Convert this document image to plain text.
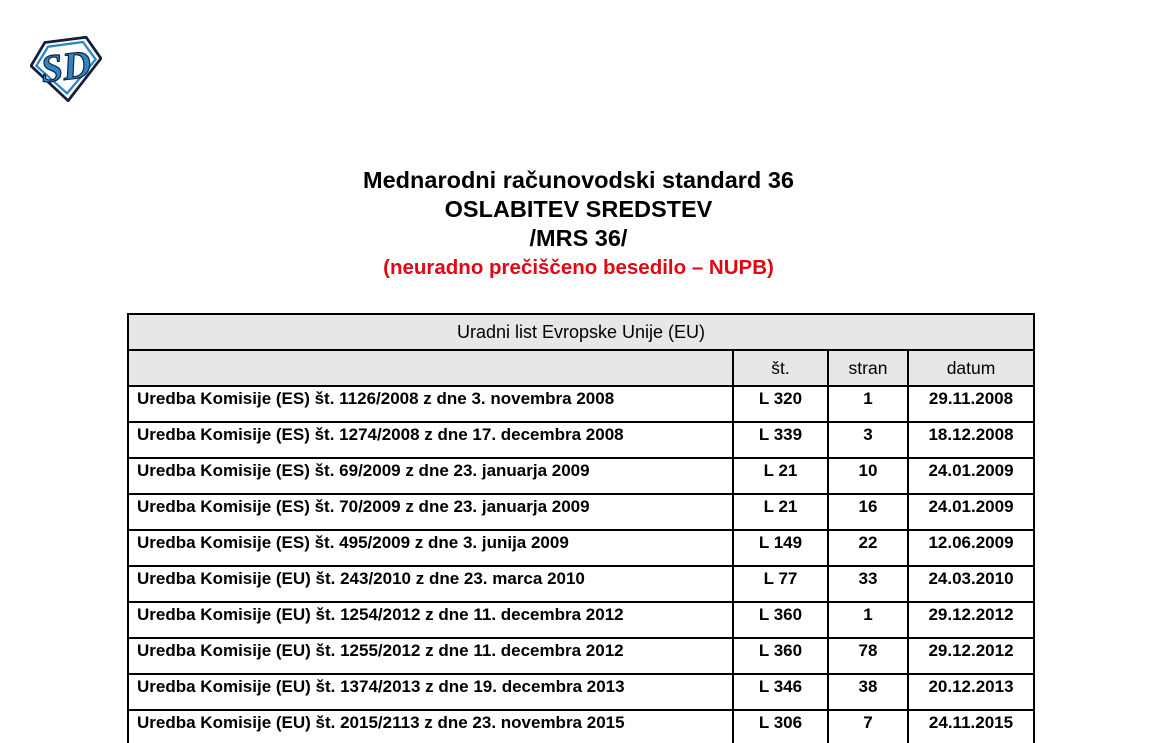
SD
Mednarodni računovodski standard 36
OSLABITEV SREDSTEV
/MRS 36/
(neuradno prečiščeno besedilo – NUPB)
Uradni list Evropske Unije (EU)			
	št.	stran	datum
Uredba Komisije (ES) št. 1126/2008 z dne 3. novembra 2008	L 320	1	29.11.2008
Uredba Komisije (ES) št. 1274/2008 z dne 17. decembra 2008	L 339	3	18.12.2008
Uredba Komisije (ES) št. 69/2009 z dne 23. januarja 2009	L 21	10	24.01.2009
Uredba Komisije (ES) št. 70/2009 z dne 23. januarja 2009	L 21	16	24.01.2009
Uredba Komisije (ES) št. 495/2009 z dne 3. junija 2009	L 149	22	12.06.2009
Uredba Komisije (EU) št. 243/2010 z dne 23. marca 2010	L 77	33	24.03.2010
Uredba Komisije (EU) št. 1254/2012 z dne 11. decembra 2012	L 360	1	29.12.2012
Uredba Komisije (EU) št. 1255/2012 z dne 11. decembra 2012	L 360	78	29.12.2012
Uredba Komisije (EU) št. 1374/2013 z dne 19. decembra 2013	L 346	38	20.12.2013
Uredba Komisije (EU) št. 2015/2113 z dne 23. novembra 2015	L 306	7	24.11.2015
